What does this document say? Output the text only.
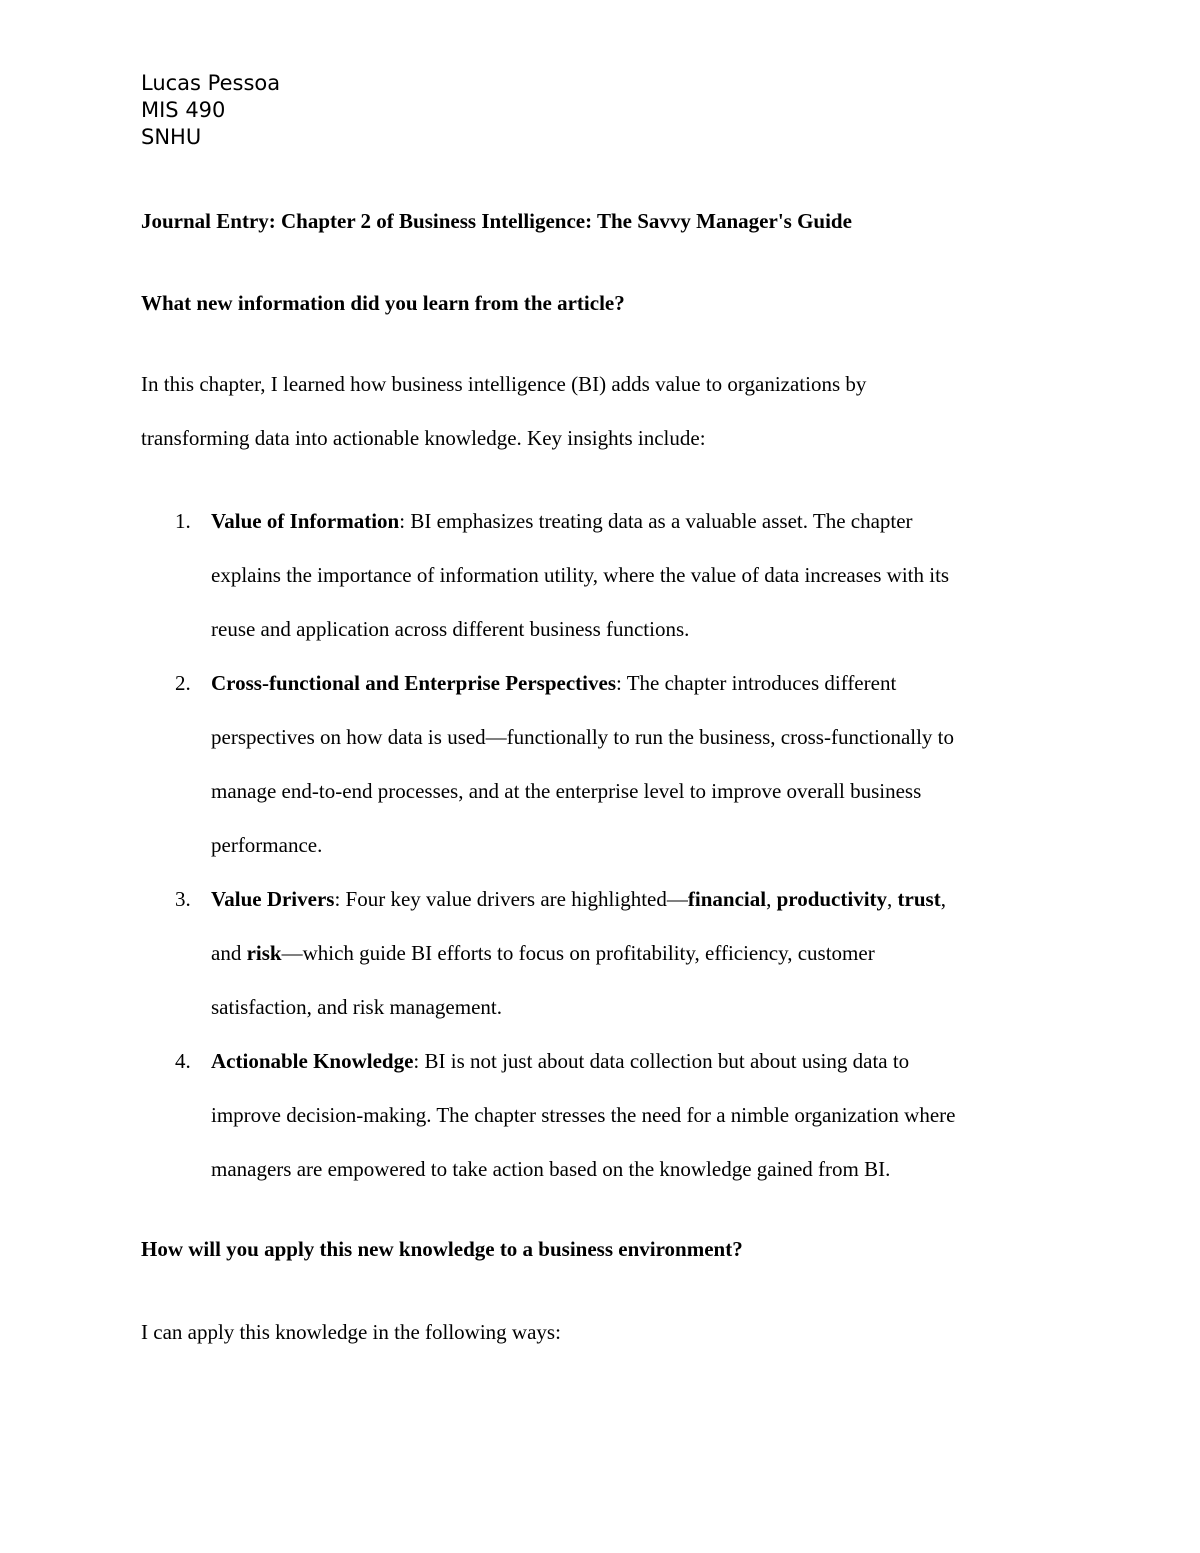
Lucas Pessoa
MIS 490
SNHU
Journal Entry: Chapter 2 of Business Intelligence: The Savvy Manager's Guide
What new information did you learn from the article?
In this chapter, I learned how business intelligence (BI) adds value to organizations by
transforming data into actionable knowledge. Key insights include:
1. Value of Information: BI emphasizes treating data as a valuable asset. The chapter
explains the importance of information utility, where the value of data increases with its
reuse and application across different business functions.
2. Cross-functional and Enterprise Perspectives: The chapter introduces different
perspectives on how data is used—functionally to run the business, cross-functionally to
manage end-to-end processes, and at the enterprise level to improve overall business
performance.
3. Value Drivers: Four key value drivers are highlighted—financial, productivity, trust,
and risk—which guide BI efforts to focus on profitability, efficiency, customer
satisfaction, and risk management.
4. Actionable Knowledge: BI is not just about data collection but about using data to
improve decision-making. The chapter stresses the need for a nimble organization where
managers are empowered to take action based on the knowledge gained from BI.
How will you apply this new knowledge to a business environment?
I can apply this knowledge in the following ways:
